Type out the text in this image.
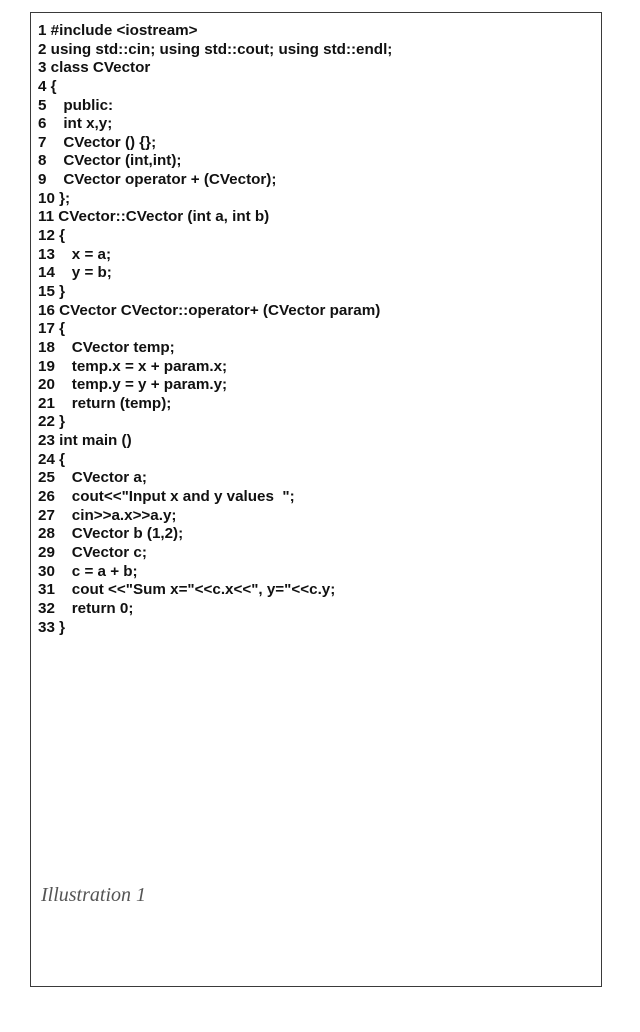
1 #include <iostream>
2 using std::cin; using std::cout; using std::endl;
3 class CVector
4 {
5    public:
6    int x,y;
7    CVector () {};
8    CVector (int,int);
9    CVector operator + (CVector);
10 };
11 CVector::CVector (int a, int b)
12 {
13    x = a;
14    y = b;
15 }
16 CVector CVector::operator+ (CVector param)
17 {
18    CVector temp;
19    temp.x = x + param.x;
20    temp.y = y + param.y;
21    return (temp);
22 }
23 int main ()
24 {
25    CVector a;
26    cout<<"Input x and y values  ";
27    cin>>a.x>>a.y;
28    CVector b (1,2);
29    CVector c;
30    c = a + b;
31    cout <<"Sum x="<<c.x<<", y="<<c.y;
32    return 0;
33 }
Illustration 1
